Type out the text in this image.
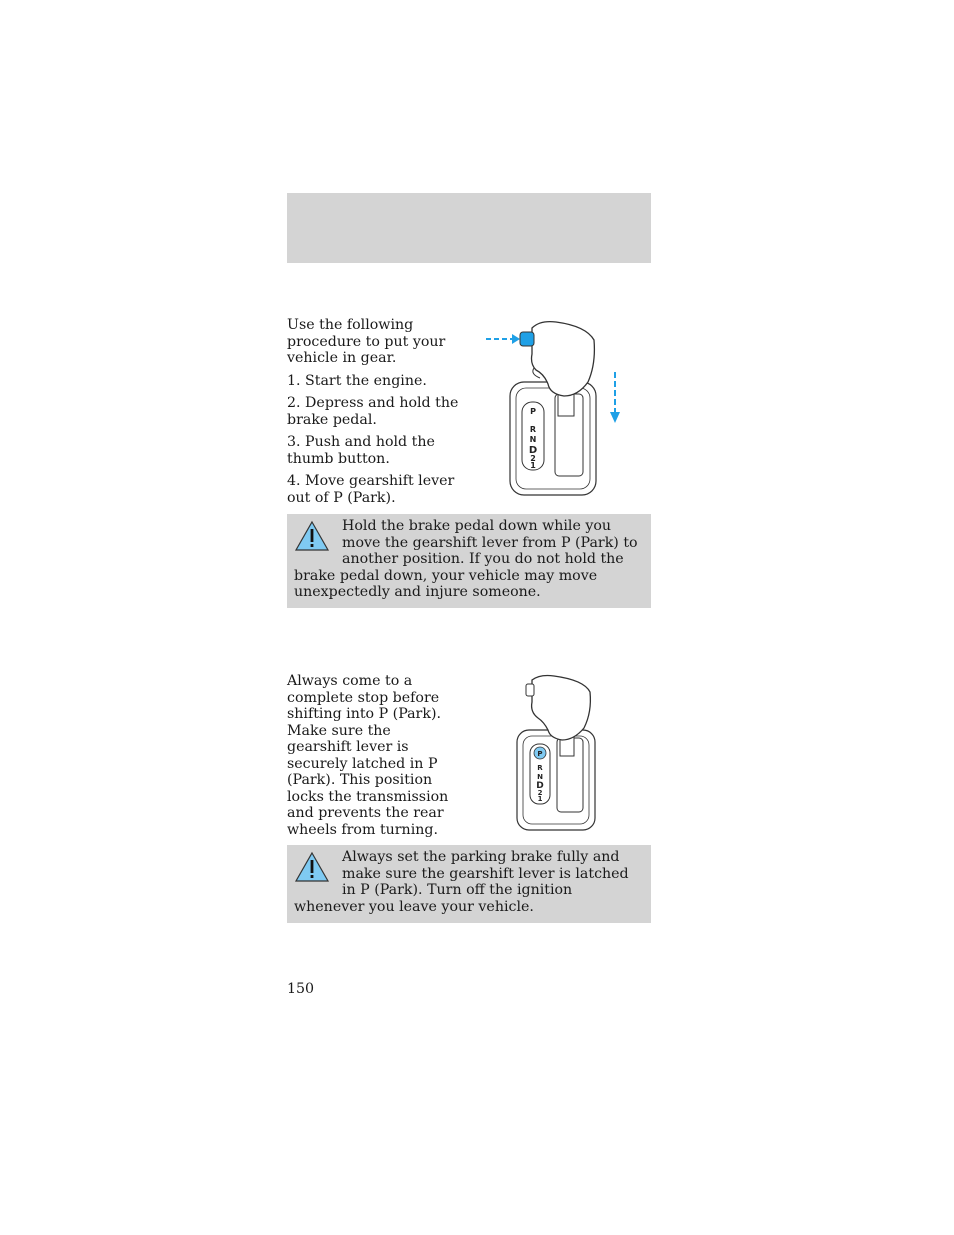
Use the following procedure to put your vehicle in gear.

1. Start the engine.

2. Depress and hold the brake pedal.

3. Push and hold the thumb button.

4. Move gearshift lever out of P (Park).

P
R
N
D
2
1
Hold the brake pedal down while you move the gearshift lever from P (Park) to another position. If you do not hold the brake pedal down, your vehicle may move unexpectedly and injure someone.

Always come to a complete stop before shifting into P (Park). Make sure the gearshift lever is securely latched in P (Park). This position locks the transmission and prevents the rear wheels from turning.

P
R
N
D
2
1
Always set the parking brake fully and make sure the gearshift lever is latched in P (Park). Turn off the ignition whenever you leave your vehicle.
150
